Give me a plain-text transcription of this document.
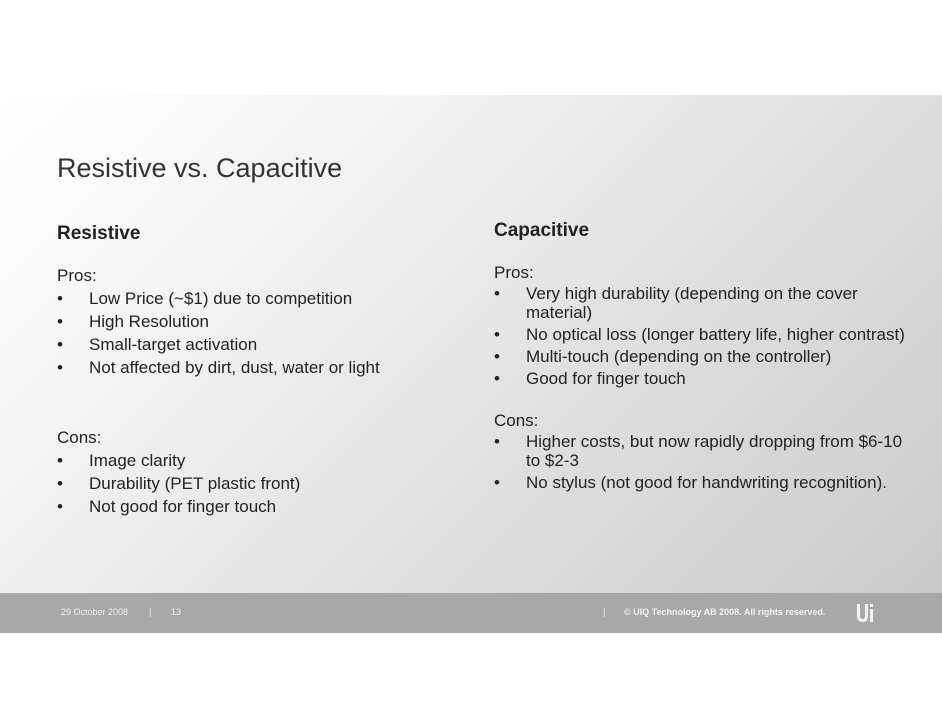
Resistive vs. Capacitive
Resistive
Pros:
•	Low Price (~$1) due to competition
•	High Resolution
•	Small-target activation
•	Not affected by dirt, dust, water or light
Cons:
•	Image clarity
•	Durability (PET plastic front)
•	Not good for finger touch
Capacitive
Pros:
•	Very high durability (depending on the cover material)
•	No optical loss (longer battery life, higher contrast)
•	Multi-touch (depending on the controller)
•	Good for finger touch
Cons:
•	Higher costs, but now rapidly dropping from $6-10 to $2-3
•	No stylus (not good for handwriting recognition).
29 October 2008 | 13	| © UIQ Technology AB 2008. All rights reserved.
